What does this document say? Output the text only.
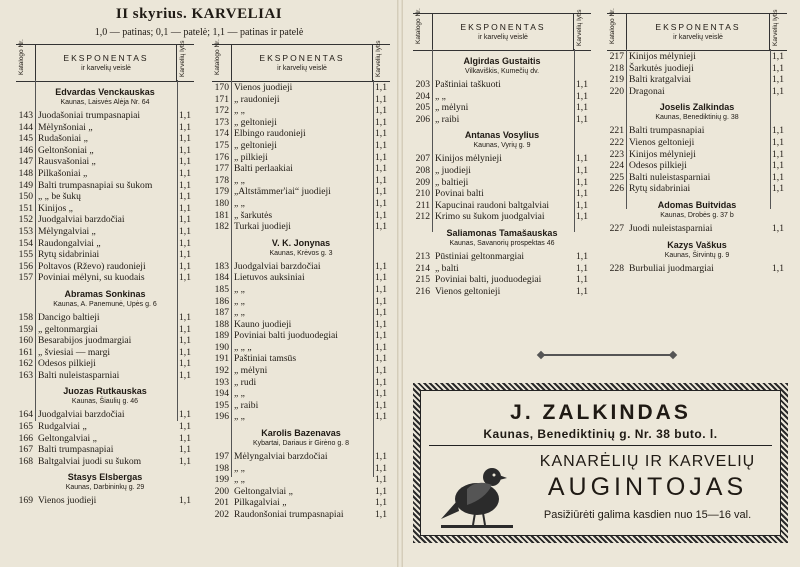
II skyrius. KARVELIAI
1,0 — patinas; 0,1 — patelė; 1,1 — patinas ir patelė
Katalogo Nr.	EKSPONENTAS
ir karvelių veislė	Karvelių lytis
Edvardas Venckauskas
Kaunas, Laisvės Alėja Nr. 64
143 Juodašoniai trumpasnapiai	1,1
144 Mėlynšoniai „	1,1
145 Rudašoniai „	1,1
146 Geltonšoniai „	1,1
147 Rausvašoniai „	1,1
148 Pilkašoniai „	1,1
149 Balti trumpasnapiai su šukom	1,1
150 „ „ be šukų	1,1
151 Kinijos „	1,1
152 Juodgalviai barzdočiai	1,1
153 Mėlyngalviai „	1,1
154 Raudongalviai „	1,1
155 Rytų sidabriniai	1,1
156 Poltavos (Rževo) raudonieji	1,1
157 Poviniai mėlyni, su kuodais	1,1
Abramas Sonkinas
Kaunas, A. Panemunė, Upės g. 6
158 Dancigo baltieji	1,1
159 „ geltonmargiai	1,1
160 Besarabijos juodmargiai	1,1
161 „ šviesiai — margi	1,1
162 Odesos pilkieji	1,1
163 Balti nuleistasparniai	1,1
Juozas Rutkauskas
Kaunas, Šiaulių g. 46
164 Juodgalviai barzdočiai	1,1
165 Rudgalviai „	1,1
166 Geltongalviai „	1,1
167 Balti trumpasnapiai	1,1
168 Baltgalviai juodi su šukom	1,1
Stasys Elsbergas
Kaunas, Darbininkų g. 29
169 Vienos juodieji	1,1
Katalogo Nr.	EKSPONENTAS
ir karvelių veislė	Karvelių lytis
170 Vienos juodieji	1,1
171 „ raudonieji	1,1
172 „ „	1,1
173 „ geltonieji	1,1
174 Elbingo raudonieji	1,1
175 „ geltonieji	1,1
176 „ pilkieji	1,1
177 Balti perlaakiai	1,1
178 „ „	1,1
179 „Altstämmer'iai“ juodieji	1,1
180 „ „	1,1
181 „ šarkutės	1,1
182 Turkai juodieji	1,1
V. K. Jonynas
Kaunas, Krėvos g. 3
183 Juodgalviai barzdočiai	1,1
184 Lietuvos auksiniai	1,1
185 „ „	1,1
186 „ „	1,1
187 „ „	1,1
188 Kauno juodieji	1,1
189 Poviniai balti juoduodegiai	1,1
190 „ „ „	1,1
191 Paštiniai tamsūs	1,1
192 „ mėlyni	1,1
193 „ rudi	1,1
194 „ „	1,1
195 „ raibi	1,1
196 „ „	1,1
Karolis Bazenavas
Kybartai, Dariaus ir Girėno g. 8
197 Mėlyngalviai barzdočiai	1,1
198 „ „	1,1
199 „ „	1,1
200 Geltongalviai „	1,1
201 Pilkagalviai „	1,1
202 Raudonšoniai trumpasnapiai	1,1
Katalogo Nr.	EKSPONENTAS
ir karvelių veislė	Karvelių lytis
Algirdas Gustaitis
Vilkaviškis, Kumečių dv.
203 Paštiniai taškuoti	1,1
204 „ „	1,1
205 „ mėlyni	1,1
206 „ raibi	1,1
Antanas Vosylius
Kaunas, Vyrių g. 9
207 Kinijos mėlynieji	1,1
208 „ juodieji	1,1
209 „ baltieji	1,1
210 Povinai balti	1,1
211 Kapucinai raudoni baltgalviai	1,1
212 Krimo su šukom juodgalviai	1,1
Saliamonas Tamašauskas
Kaunas, Savanorių prospektas 46
213 Pūstiniai geltonmargiai	1,1
214 „ balti	1,1
215 Poviniai balti, juoduodegiai	1,1
216 Vienos geltonieji	1,1
Katalogo Nr.	EKSPONENTAS
ir karvelių veislė	Karvelių lytis
217 Kinijos mėlynieji	1,1
218 Šarkutės juodieji	1,1
219 Balti kratgalviai	1,1
220 Dragonai	1,1
Joselis Zalkindas
Kaunas, Benediktinių g. 38
221 Balti trumpasnapiai	1,1
222 Vienos geltonieji	1,1
223 Kinijos mėlynieji	1,1
224 Odesos pilkieji	1,1
225 Balti nuleistasparniai	1,1
226 Rytų sidabriniai	1,1
Adomas Buitvidas
Kaunas, Drobės g. 37 b
227 Juodi nuleistasparniai	1,1
Kazys Vaškus
Kaunas, Širvintų g. 9
228 Burbuliai juodmargiai	1,1
J. ZALKINDAS
Kaunas, Benediktinių g. Nr. 38 buto. l.
KANARĖLIŲ IR KARVELIŲ
AUGINTOJAS
Pasižiūrėti galima kasdien nuo 15—16 val.
